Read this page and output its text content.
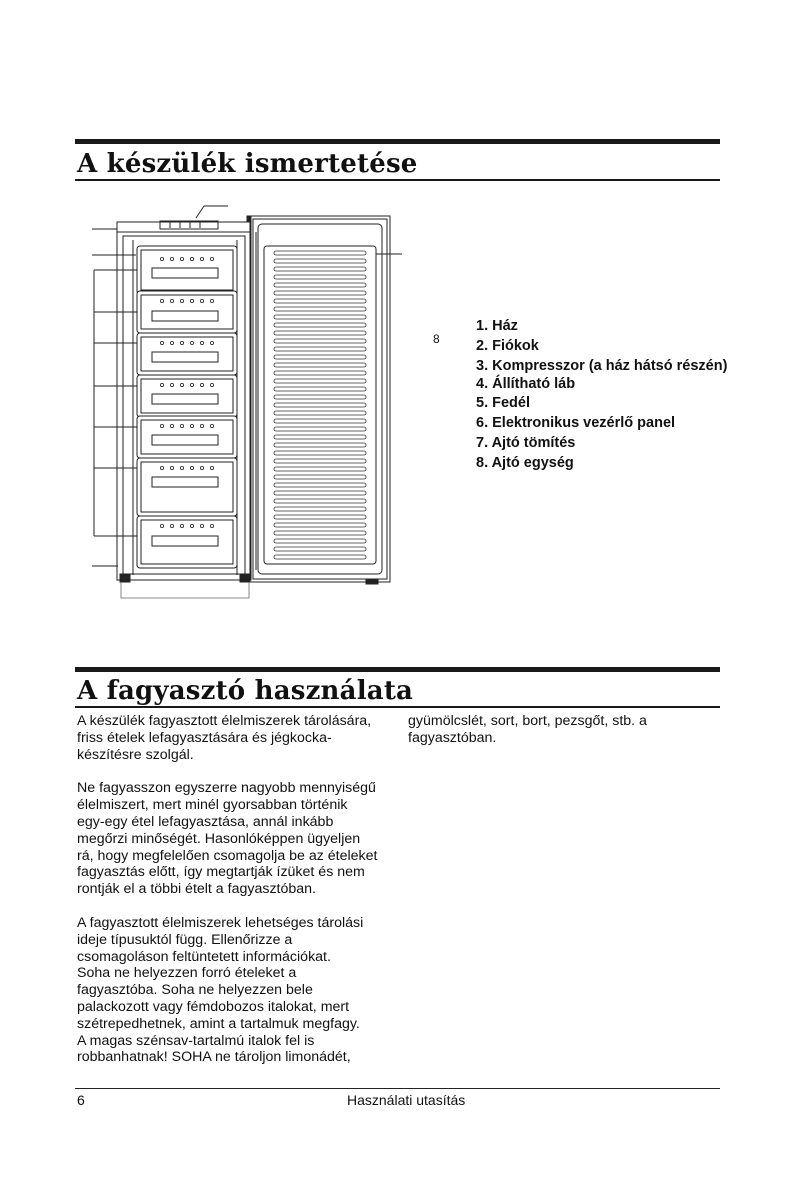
A készülék ismertetése
8
1. Ház
2. Fiókok
3. Kompresszor (a ház hátsó részén)
4. Állítható láb
5. Fedél
6. Elektronikus vezérlő panel
7. Ajtó tömítés
8. Ajtó egység
A fagyasztó használata

A készülék fagyasztott élelmiszerek tárolására,
friss ételek lefagyasztására és jégkocka-
készítésre szolgál.

Ne fagyasszon egyszerre nagyobb mennyiségű
élelmiszert, mert minél gyorsabban történik
egy-egy étel lefagyasztása, annál inkább
megőrzi minőségét. Hasonlóképpen ügyeljen
rá, hogy megfelelően csomagolja be az ételeket
fagyasztás előtt, így megtartják ízüket és nem
rontják el a többi ételt a fagyasztóban.

A fagyasztott élelmiszerek lehetséges tárolási
ideje típusuktól függ. Ellenőrizze a
csomagoláson feltüntetett információkat.
Soha ne helyezzen forró ételeket a
fagyasztóba. Soha ne helyezzen bele
palackozott vagy fémdobozos italokat, mert
szétrepedhetnek, amint a tartalmuk megfagy.
A magas szénsav-tartalmú italok fel is
robbanhatnak! SOHA ne tároljon limonádét,

gyümölcslét, sort, bort, pezsgőt, stb. a
fagyasztóban.

6	Használati utasítás
